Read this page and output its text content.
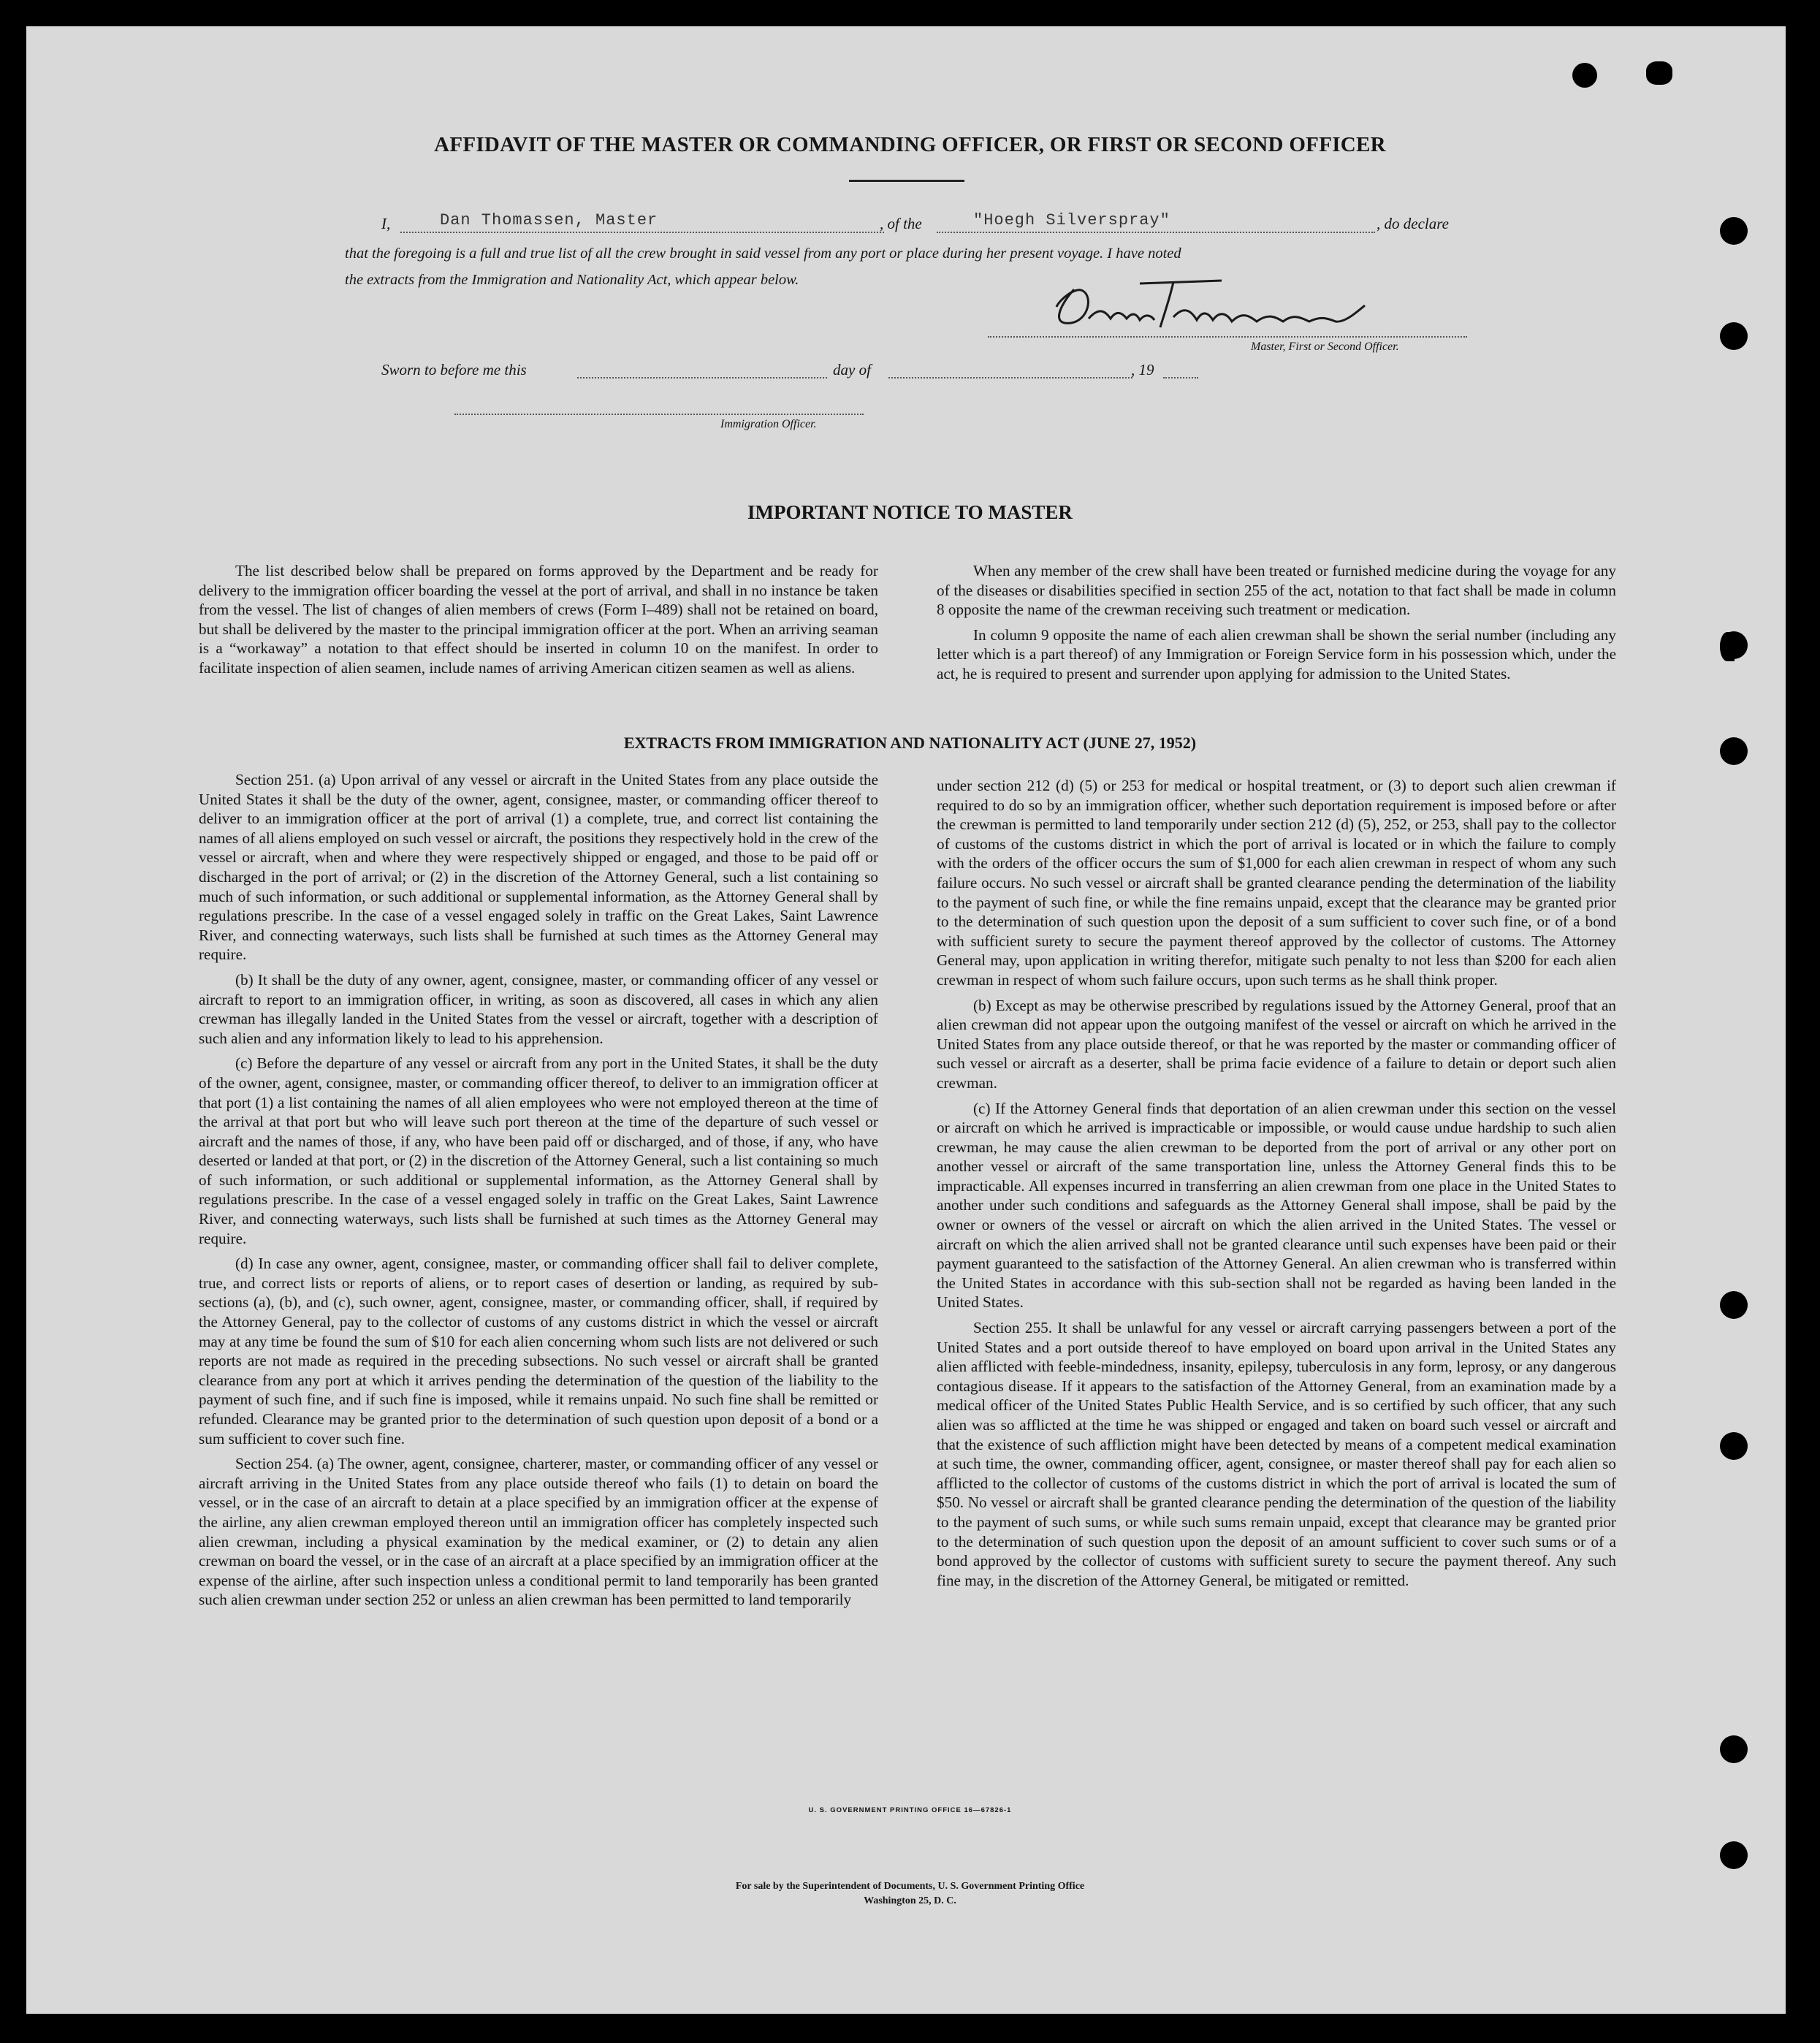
AFFIDAVIT OF THE MASTER OR COMMANDING OFFICER, OR FIRST OR SECOND OFFICER
I,	Dan Thomassen, Master	, of the	"Hoegh Silverspray"	, do declare
that the foregoing is a full and true list of all the crew brought in said vessel from any port or place during her present voyage. I have noted
the extracts from the Immigration and Nationality Act, which appear below.
Master, First or Second Officer.
Sworn to before me this	day of	, 19
Immigration Officer.
IMPORTANT NOTICE TO MASTER

The list described below shall be prepared on forms approved by the Department and be ready for delivery to the immigration officer boarding the vessel at the port of arrival, and shall in no instance be taken from the vessel. The list of changes of alien members of crews (Form I–489) shall not be retained on board, but shall be delivered by the master to the principal immigration officer at the port. When an arriving seaman is a “workaway” a notation to that effect should be inserted in column 10 on the manifest. In order to facilitate inspection of alien seamen, include names of arriving American citizen seamen as well as aliens.

When any member of the crew shall have been treated or furnished medicine during the voyage for any of the diseases or disabilities specified in section 255 of the act, notation to that fact shall be made in column 8 opposite the name of the crewman receiving such treatment or medication.

In column 9 opposite the name of each alien crewman shall be shown the serial number (including any letter which is a part thereof) of any Immigration or Foreign Service form in his possession which, under the act, he is required to present and surrender upon applying for admission to the United States.

EXTRACTS FROM IMMIGRATION AND NATIONALITY ACT (JUNE 27, 1952)

Section 251. (a) Upon arrival of any vessel or aircraft in the United States from any place outside the United States it shall be the duty of the owner, agent, consignee, master, or commanding officer thereof to deliver to an immigration officer at the port of arrival (1) a complete, true, and correct list containing the names of all aliens employed on such vessel or aircraft, the positions they respectively hold in the crew of the vessel or aircraft, when and where they were respectively shipped or engaged, and those to be paid off or discharged in the port of arrival; or (2) in the discretion of the Attorney General, such a list containing so much of such information, or such additional or supplemental information, as the Attorney General shall by regulations prescribe. In the case of a vessel engaged solely in traffic on the Great Lakes, Saint Lawrence River, and connecting waterways, such lists shall be furnished at such times as the Attorney General may require.

(b) It shall be the duty of any owner, agent, consignee, master, or commanding officer of any vessel or aircraft to report to an immigration officer, in writing, as soon as discovered, all cases in which any alien crewman has illegally landed in the United States from the vessel or aircraft, together with a description of such alien and any information likely to lead to his apprehension.

(c) Before the departure of any vessel or aircraft from any port in the United States, it shall be the duty of the owner, agent, consignee, master, or commanding officer thereof, to deliver to an immigration officer at that port (1) a list containing the names of all alien employees who were not employed thereon at the time of the arrival at that port but who will leave such port thereon at the time of the departure of such vessel or aircraft and the names of those, if any, who have been paid off or discharged, and of those, if any, who have deserted or landed at that port, or (2) in the discretion of the Attorney General, such a list containing so much of such information, or such additional or supplemental information, as the Attorney General shall by regulations prescribe. In the case of a vessel engaged solely in traffic on the Great Lakes, Saint Lawrence River, and connecting waterways, such lists shall be furnished at such times as the Attorney General may require.

(d) In case any owner, agent, consignee, master, or commanding officer shall fail to deliver complete, true, and correct lists or reports of aliens, or to report cases of desertion or landing, as required by sub-sections (a), (b), and (c), such owner, agent, consignee, master, or commanding officer, shall, if required by the Attorney General, pay to the collector of customs of any customs district in which the vessel or aircraft may at any time be found the sum of $10 for each alien concerning whom such lists are not delivered or such reports are not made as required in the preceding subsections. No such vessel or aircraft shall be granted clearance from any port at which it arrives pending the determination of the question of the liability to the payment of such fine, and if such fine is imposed, while it remains unpaid. No such fine shall be remitted or refunded. Clearance may be granted prior to the determination of such question upon deposit of a bond or a sum sufficient to cover such fine.

Section 254. (a) The owner, agent, consignee, charterer, master, or commanding officer of any vessel or aircraft arriving in the United States from any place outside thereof who fails (1) to detain on board the vessel, or in the case of an aircraft to detain at a place specified by an immigration officer at the expense of the airline, any alien crewman employed thereon until an immigration officer has completely inspected such alien crewman, including a physical examination by the medical examiner, or (2) to detain any alien crewman on board the vessel, or in the case of an aircraft at a place specified by an immigration officer at the expense of the airline, after such inspection unless a conditional permit to land temporarily has been granted such alien crewman under section 252 or unless an alien crewman has been permitted to land temporarily

under section 212 (d) (5) or 253 for medical or hospital treatment, or (3) to deport such alien crewman if required to do so by an immigration officer, whether such deportation requirement is imposed before or after the crewman is permitted to land temporarily under section 212 (d) (5), 252, or 253, shall pay to the collector of customs of the customs district in which the port of arrival is located or in which the failure to comply with the orders of the officer occurs the sum of $1,000 for each alien crewman in respect of whom any such failure occurs. No such vessel or aircraft shall be granted clearance pending the determination of the liability to the payment of such fine, or while the fine remains unpaid, except that the clearance may be granted prior to the determination of such question upon the deposit of a sum sufficient to cover such fine, or of a bond with sufficient surety to secure the payment thereof approved by the collector of customs. The Attorney General may, upon application in writing therefor, mitigate such penalty to not less than $200 for each alien crewman in respect of whom such failure occurs, upon such terms as he shall think proper.

(b) Except as may be otherwise prescribed by regulations issued by the Attorney General, proof that an alien crewman did not appear upon the outgoing manifest of the vessel or aircraft on which he arrived in the United States from any place outside thereof, or that he was reported by the master or commanding officer of such vessel or aircraft as a deserter, shall be prima facie evidence of a failure to detain or deport such alien crewman.

(c) If the Attorney General finds that deportation of an alien crewman under this section on the vessel or aircraft on which he arrived is impracticable or impossible, or would cause undue hardship to such alien crewman, he may cause the alien crewman to be deported from the port of arrival or any other port on another vessel or aircraft of the same transportation line, unless the Attorney General finds this to be impracticable. All expenses incurred in transferring an alien crewman from one place in the United States to another under such conditions and safeguards as the Attorney General shall impose, shall be paid by the owner or owners of the vessel or aircraft on which the alien arrived in the United States. The vessel or aircraft on which the alien arrived shall not be granted clearance until such expenses have been paid or their payment guaranteed to the satisfaction of the Attorney General. An alien crewman who is transferred within the United States in accordance with this sub-section shall not be regarded as having been landed in the United States.

Section 255. It shall be unlawful for any vessel or aircraft carrying passengers between a port of the United States and a port outside thereof to have employed on board upon arrival in the United States any alien afflicted with feeble-mindedness, insanity, epilepsy, tuberculosis in any form, leprosy, or any dangerous contagious disease. If it appears to the satisfaction of the Attorney General, from an examination made by a medical officer of the United States Public Health Service, and is so certified by such officer, that any such alien was so afflicted at the time he was shipped or engaged and taken on board such vessel or aircraft and that the existence of such affliction might have been detected by means of a competent medical examination at such time, the owner, commanding officer, agent, consignee, or master thereof shall pay for each alien so afflicted to the collector of customs of the customs district in which the port of arrival is located the sum of $50. No vessel or aircraft shall be granted clearance pending the determination of the question of the liability to the payment of such sums, or while such sums remain unpaid, except that clearance may be granted prior to the determination of such question upon the deposit of an amount sufficient to cover such sums or of a bond approved by the collector of customs with sufficient surety to secure the payment thereof. Any such fine may, in the discretion of the Attorney General, be mitigated or remitted.

U. S. GOVERNMENT PRINTING OFFICE 16—67826-1
For sale by the Superintendent of Documents, U. S. Government Printing Office
Washington 25, D. C.
